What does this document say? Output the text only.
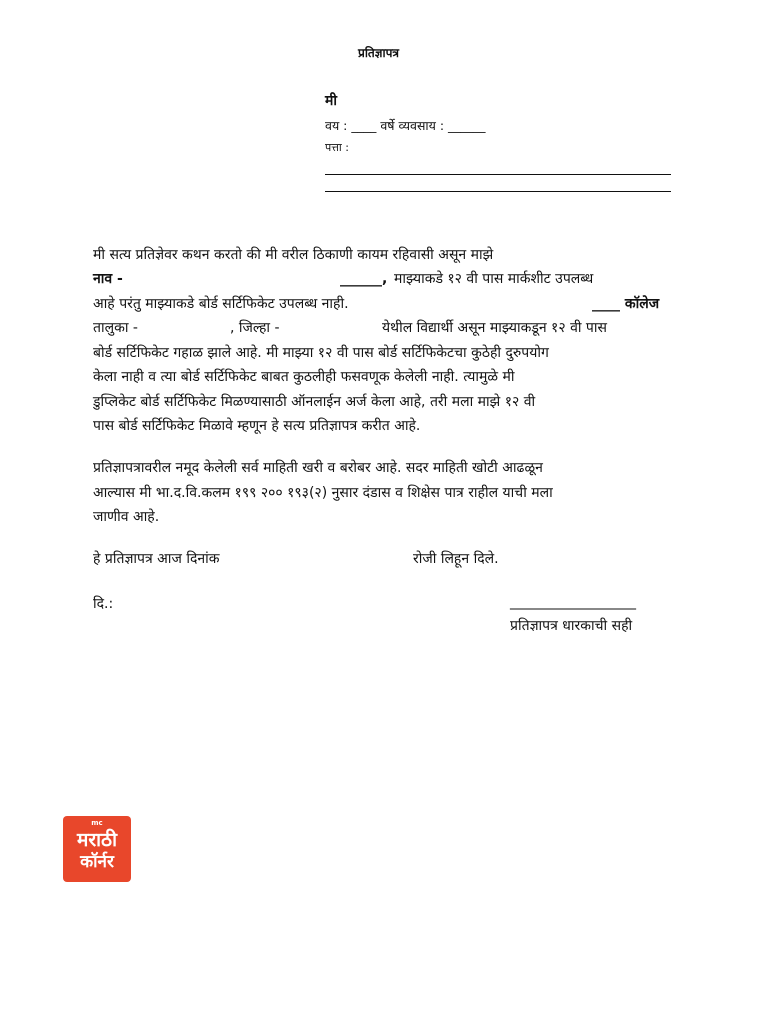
प्रतिज्ञापत्र
मी
वय : ____ वर्षे व्यवसाय : ______
पत्ता :
मी सत्य प्रतिज्ञेवर कथन करतो की मी वरील ठिकाणी कायम रहिवासी असून माझे
नाव -	______, माझ्याकडे १२ वी पास मार्कशीट उपलब्ध
आहे परंतु माझ्याकडे बोर्ड सर्टिफिकेट उपलब्ध नाही.	____ कॉलेज
तालुका -	, जिल्हा -	येथील विद्यार्थी असून माझ्याकडून १२ वी पास
बोर्ड सर्टिफिकेट गहाळ झाले आहे. मी माझ्या १२ वी पास बोर्ड सर्टिफिकेटचा कुठेही दुरुपयोग
केला नाही व त्या बोर्ड सर्टिफिकेट बाबत कुठलीही फसवणूक केलेली नाही. त्यामुळे मी
डुप्लिकेट बोर्ड सर्टिफिकेट मिळण्यासाठी ऑनलाईन अर्ज केला आहे, तरी मला माझे १२ वी
पास बोर्ड सर्टिफिकेट मिळावे म्हणून हे सत्य प्रतिज्ञापत्र करीत आहे.
प्रतिज्ञापत्रावरील नमूद केलेली सर्व माहिती खरी व बरोबर आहे. सदर माहिती खोटी आढळून
आल्यास मी भा.द.वि.कलम १९९ २०० १९३(२) नुसार दंडास व शिक्षेस पात्र राहील याची मला
जाणीव आहे.
हे प्रतिज्ञापत्र आज दिनांक	रोजी लिहून दिले.
दि.:	__________________
प्रतिज्ञापत्र धारकाची सही
mc
मराठी
कॉर्नर
